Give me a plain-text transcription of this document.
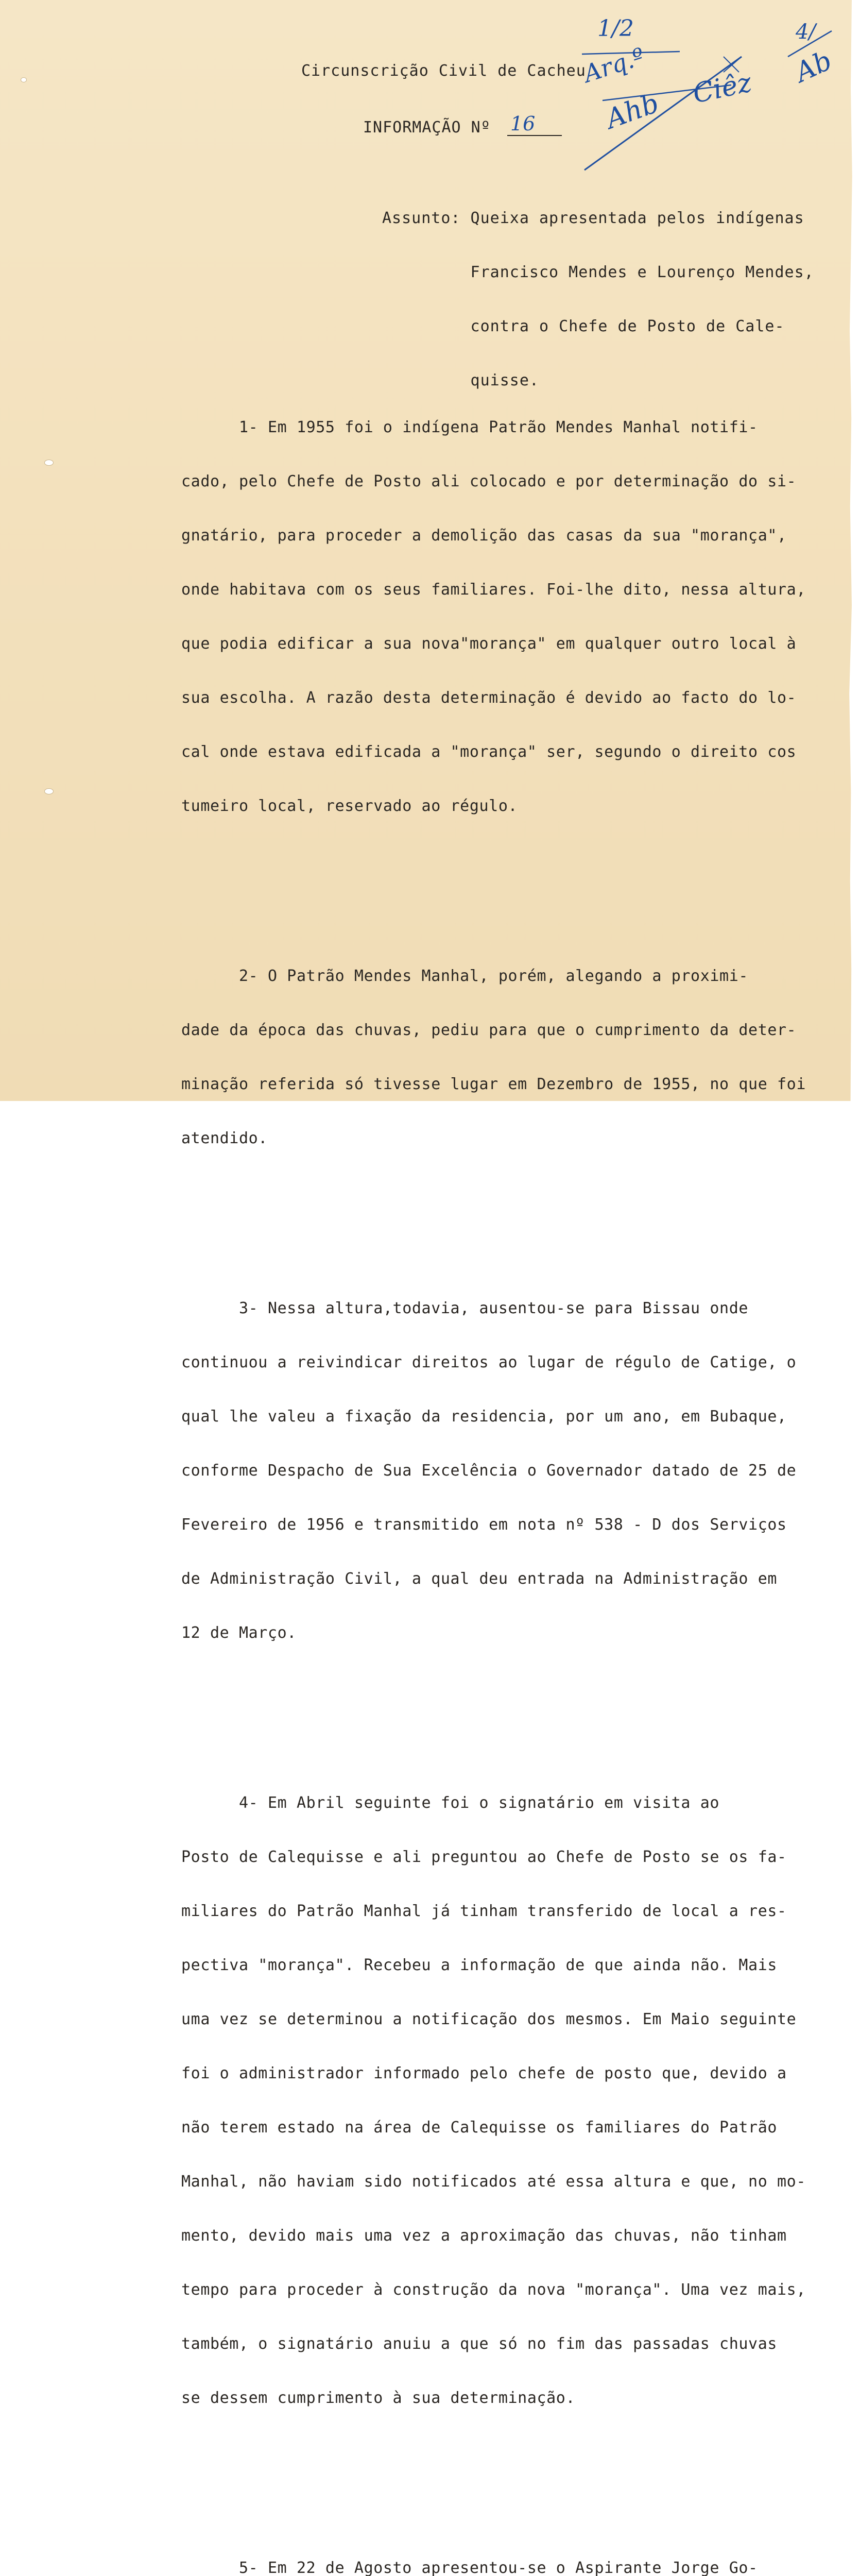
Circunscrição Civil de Cacheu
INFORMAÇÃO Nº 16

Assunto: Queixa apresentada pelos indígenas

Francisco Mendes e Lourenço Mendes,

contra o Chefe de Posto de Cale-

quisse.

1- Em 1955 foi o indígena Patrão Mendes Manhal notifi-

cado, pelo Chefe de Posto ali colocado e por determinação do si-

gnatário, para proceder a demolição das casas da sua "morança",

onde habitava com os seus familiares. Foi-lhe dito, nessa altura,

que podia edificar a sua nova"morança" em qualquer outro local à

sua escolha. A razão desta determinação é devido ao facto do lo-

cal onde estava edificada a "morança" ser, segundo o direito cos

tumeiro local, reservado ao régulo.

2- O Patrão Mendes Manhal, porém, alegando a proximi-

dade da época das chuvas, pediu para que o cumprimento da deter-

minação referida só tivesse lugar em Dezembro de 1955, no que foi

atendido.

3- Nessa altura,todavia, ausentou-se para Bissau onde

continuou a reivindicar direitos ao lugar de régulo de Catige, o

qual lhe valeu a fixação da residencia, por um ano, em Bubaque,

conforme Despacho de Sua Excelência o Governador datado de 25 de

Fevereiro de 1956 e transmitido em nota nº 538 - D dos Serviços

de Administração Civil, a qual deu entrada na Administração em

12 de Março.

4- Em Abril seguinte foi o signatário em visita ao

Posto de Calequisse e ali preguntou ao Chefe de Posto se os fa-

miliares do Patrão Manhal já tinham transferido de local a res-

pectiva "morança". Recebeu a informação de que ainda não. Mais

uma vez se determinou a notificação dos mesmos. Em Maio seguinte

foi o administrador informado pelo chefe de posto que, devido a

não terem estado na área de Calequisse os familiares do Patrão

Manhal, não haviam sido notificados até essa altura e que, no mo-

mento, devido mais uma vez a aproximação das chuvas, não tinham

tempo para proceder à construção da nova "morança". Uma vez mais,

também, o signatário anuiu a que só no fim das passadas chuvas

se dessem cumprimento à sua determinação.

5- Em 22 de Agosto apresentou-se o Aspirante Jorge Go-

1/2
Arq.º
Ahb Ciêz
4/
Ab
